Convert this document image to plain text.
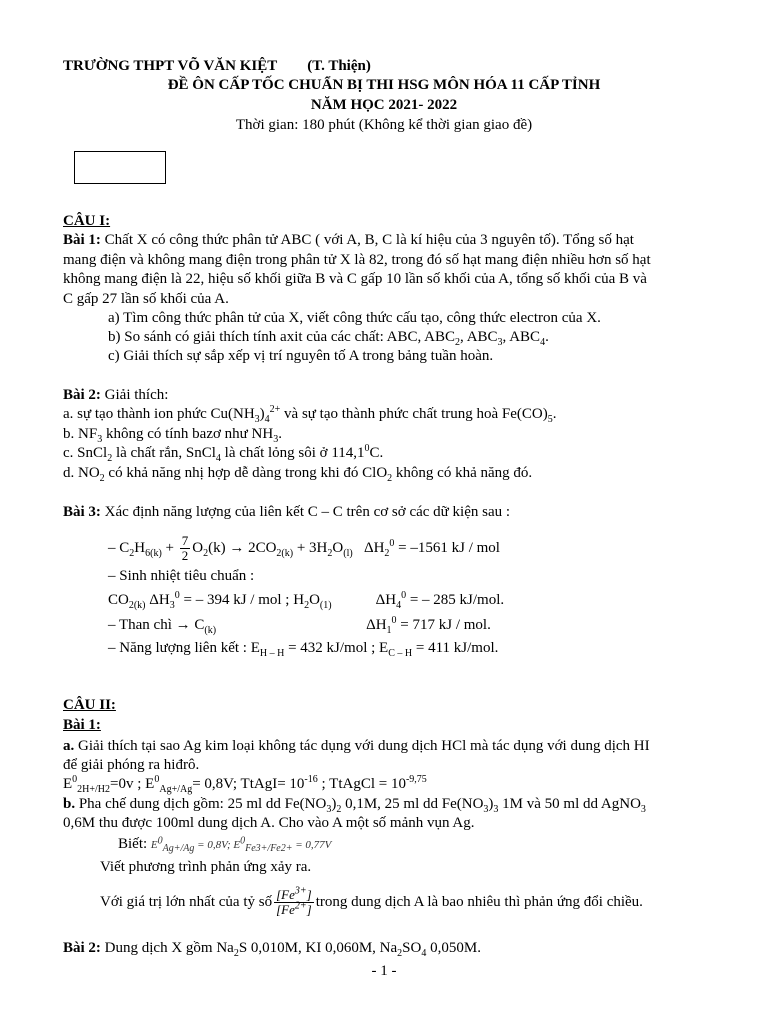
TRƯỜNG THPT VÕ VĂN KIỆT (T. Thiện)
ĐỀ ÔN CẤP TỐC CHUẨN BỊ THI HSG MÔN HÓA 11 CẤP TỈNH
NĂM HỌC 2021- 2022
Thời gian: 180 phút (Không kể thời gian giao đề)
CÂU I:
Bài 1: Chất X có công thức phân tử ABC ( với A, B, C là kí hiệu của 3 nguyên tố). Tổng số hạt
mang điện và không mang điện trong phân tử X là 82, trong đó số hạt mang điện nhiều hơn số hạt
không mang điện là 22, hiệu số khối giữa B và C gấp 10 lần số khối của A, tổng số khối của B và
C gấp 27 lần số khối của A.
a) Tìm công thức phân tử của X, viết công thức cấu tạo, công thức electron của X.
b) So sánh có giải thích tính axit của các chất: ABC, $ABC_2$, $ABC_3$, $ABC_4$.
c) Giải thích sự sắp xếp vị trí nguyên tố A trong bảng tuần hoàn.
Bài 2: Giải thích:
a. sự tạo thành ion phức $Cu(NH_3)_4^{2+}$ và sự tạo thành phức chất trung hoà $Fe(CO)_5$.
b. $NF_3$ không có tính bazơ như $NH_3$.
c. SnCl$_2$ là chất rắn, SnCl$_4$ là chất lỏng sôi ở 114,1$^0$C.
d. $NO_2$ có khả năng nhị hợp dễ dàng trong khi đó ClO$_2$ không có khả năng đó.
Bài 3: Xác định năng lượng của liên kết C – C trên cơ sở các dữ kiện sau :
– $C_2H_{6(k)} + \frac{7}{2} O_2(k) \to 2CO_{2(k)} + 3H_2O_{(l)}$   $\Delta H_2^0 = -1561$ kJ / mol
– Sinh nhiệt tiêu chuẩn :
$CO_{2(k)}$ $\Delta H_3^0$ = – 394 kJ / mol ; $H_2O_{(1)}$	$\Delta H_4^0$ = – 285 kJ/mol.
– Than chì → $C_{(k)}$	$\Delta H_1^0 = 717$ kJ / mol.
– Năng lượng liên kết : $E_{H - H} = 432$ kJ/mol ; $E_{C - H} = 411$ kJ/mol.
CÂU II:
Bài 1:
a. Giải thích tại sao Ag kim loại không tác dụng với dung dịch HCl mà tác dụng với dung dịch HI
để giải phóng ra hiđrô.
$E^0_{2H+/H2}=0v$ ; $E^0_{Ag+/Ag}= 0,8V$; TtAgI= $10^{-16}$ ; TtAgCl = $10^{-9,75}$
b. Pha chế dung dịch gồm: 25 ml dd $Fe(NO_3)_2$ 0,1M, 25 ml dd $Fe(NO_3)_3$ 1M và 50 ml dd AgNO$_3$
0,6M thu được 100ml dung dịch A. Cho vào A một số mảnh vụn Ag.
Biết: $E^0_{Ag+/Ag} = 0,8V$; $E^0_{Fe3+/Fe2+} = 0,77V$
Viết phương trình phản ứng xảy ra.
Với giá trị lớn nhất của tỷ số $\frac{[Fe^{3+}]}{[Fe^{2+}]}$ trong dung dịch A là bao nhiêu thì phản ứng đổi chiều.
Bài 2: Dung dịch X gồm $Na_2S$ 0,010M, KI 0,060M, $Na_2SO_4$ 0,050M.
- 1 -
